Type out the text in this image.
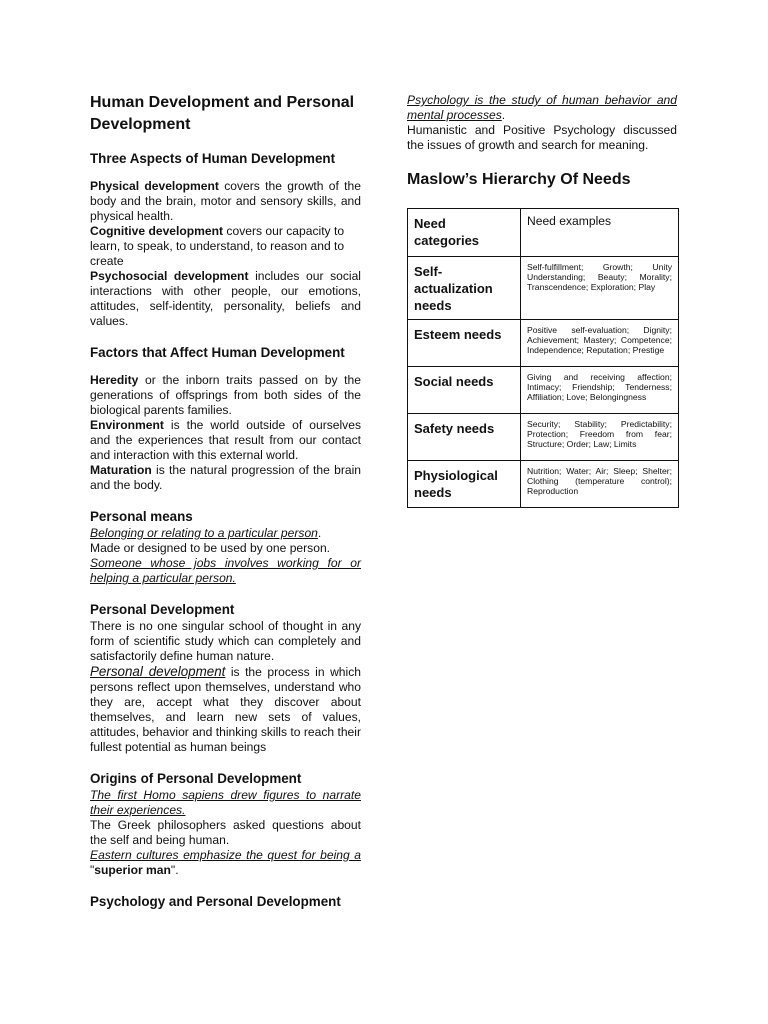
Human Development and Personal Development
Three Aspects of Human Development

Physical development covers the growth of the body and the brain, motor and sensory skills, and physical health.

Cognitive development covers our capacity to learn, to speak, to understand, to reason and to create

Psychosocial development includes our social interactions with other people, our emotions, attitudes, self-identity, personality, beliefs and values.

Factors that Affect Human Development

Heredity or the inborn traits passed on by the generations of offsprings from both sides of the biological parents families.

Environment is the world outside of ourselves and the experiences that result from our contact and interaction with this external world.

Maturation is the natural progression of the brain and the body.

Personal means

Belonging or relating to a particular person.

Made or designed to be used by one person.

Someone whose jobs involves working for or helping a particular person.

Personal Development

There is no one singular school of thought in any form of scientific study which can completely and satisfactorily define human nature.

Personal development is the process in which persons reflect upon themselves, understand who they are, accept what they discover about themselves, and learn new sets of values, attitudes, behavior and thinking skills to reach their fullest potential as human beings

Origins of Personal Development

The first Homo sapiens drew figures to narrate their experiences.

The Greek philosophers asked questions about the self and being human.

Eastern cultures emphasize the quest for being a "superior man".

Psychology and Personal Development

Psychology is the study of human behavior and mental processes.

Humanistic and Positive Psychology discussed the issues of growth and search for meaning.

Maslow’s Hierarchy Of Needs
Need categories	Need examples
Self-actualization needs	Self-fulfillment; Growth; Unity Understanding; Beauty; Morality; Transcendence; Exploration; Play
Esteem needs	Positive self-evaluation; Dignity; Achievement; Mastery; Competence; Independence; Reputation; Prestige
Social needs	Giving and receiving affection; Intimacy; Friendship; Tenderness; Affiliation; Love; Belongingness
Safety needs	Security; Stability; Predictability; Protection; Freedom from fear; Structure; Order; Law; Limits
Physiological needs	Nutrition; Water; Air; Sleep; Shelter; Clothing (temperature control); Reproduction
